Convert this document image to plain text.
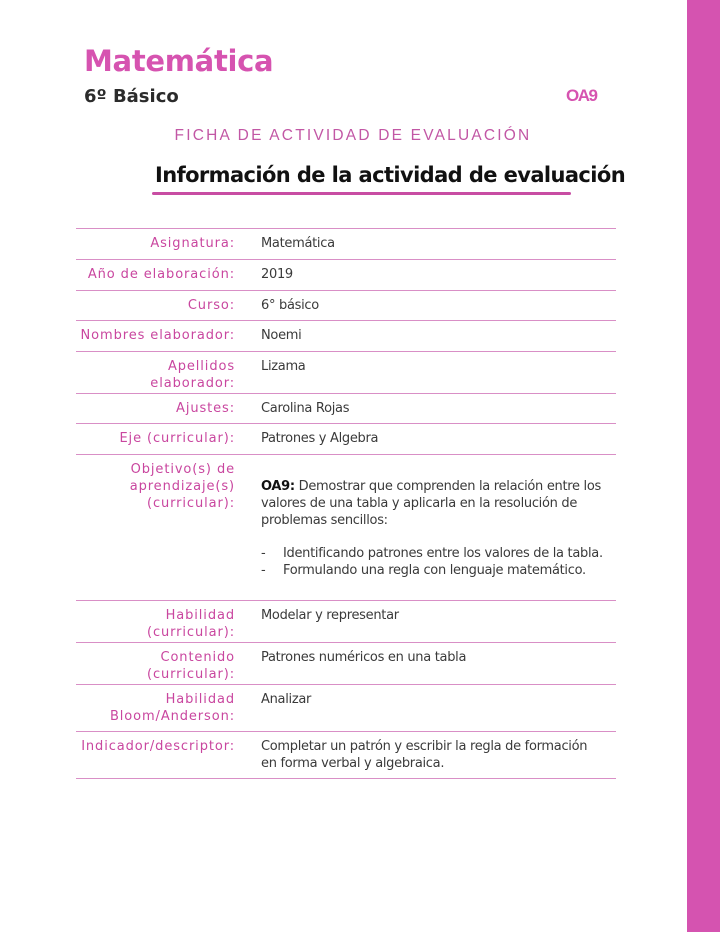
Matemática
6º Básico	OA9
FICHA DE ACTIVIDAD DE EVALUACIÓN
Información de la actividad de evaluación
Asignatura: Matemática
Año de elaboración: 2019
Curso: 6° básico
Nombres elaborador: Noemi
Apellidos
elaborador:
Lizama
Ajustes: Carolina Rojas
Eje (curricular): Patrones y Algebra
Objetivo(s) de
aprendizaje(s)
(curricular):
OA9: Demostrar que comprenden la relación entre los valores de una tabla y aplicarla en la resolución de problemas sencillos:
-	Identificando patrones entre los valores de la tabla.
-	Formulando una regla con lenguaje matemático.
Habilidad
(curricular):
Modelar y representar
Contenido
(curricular):
Patrones numéricos en una tabla
Habilidad
Bloom/Anderson:
Analizar
Indicador/descriptor: Completar un patrón y escribir la regla de formación en forma verbal y algebraica.
